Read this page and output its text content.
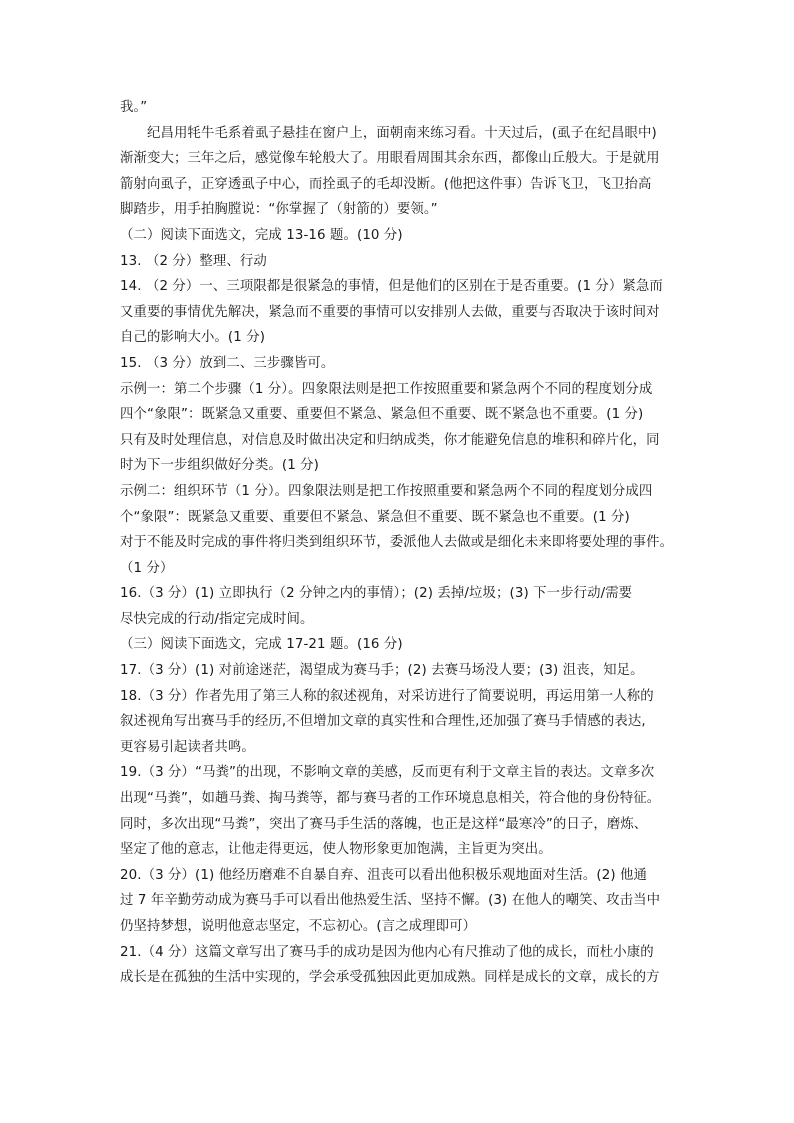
我。”
　　纪昌用牦牛毛系着虱子悬挂在窗户上，面朝南来练习看。十天过后，(虱子在纪昌眼中)
渐渐变大；三年之后，感觉像车轮般大了。用眼看周围其余东西，都像山丘般大。于是就用
箭射向虱子，正穿透虱子中心，而拴虱子的毛却没断。(他把这件事）告诉飞卫，飞卫抬高
脚踏步，用手拍胸膛说：“你掌握了（射箭的）要领。”
（二）阅读下面选文，完成 13-16 题。(10 分)
13. （2 分）整理、行动
14. （2 分）一、三项限都是很紧急的事情，但是他们的区别在于是否重要。(1 分）紧急而
又重要的事情优先解决，紧急而不重要的事情可以安排别人去做，重要与否取决于该时间对
自己的影响大小。(1 分)
15. （3 分）放到二、三步骤皆可。
示例一：第二个步骤（1 分）。四象限法则是把工作按照重要和紧急两个不同的程度划分成
四个“象限”：既紧急又重要、重要但不紧急、紧急但不重要、既不紧急也不重要。(1 分)
只有及时处理信息，对信息及时做出决定和归纳成类，你才能避免信息的堆积和碎片化，同
时为下一步组织做好分类。(1 分)
示例二：组织环节（1 分）。四象限法则是把工作按照重要和紧急两个不同的程度划分成四
个“象限”：既紧急又重要、重要但不紧急、紧急但不重要、既不紧急也不重要。(1 分)
对于不能及时完成的事件将归类到组织环节，委派他人去做或是细化未来即将要处理的事件。
（1 分）
16.（3 分）(1) 立即执行（2 分钟之内的事情）；(2) 丢掉/垃圾；(3) 下一步行动/需要
尽快完成的行动/指定完成时间。
（三）阅读下面选文，完成 17-21 题。(16 分)
17.（3 分）(1) 对前途迷茫，渴望成为赛马手；(2) 去赛马场没人要；(3) 沮丧，知足。
18.（3 分）作者先用了第三人称的叙述视角，对采访进行了简要说明，再运用第一人称的
叙述视角写出赛马手的经历,不但增加文章的真实性和合理性,还加强了赛马手情感的表达,
更容易引起读者共鸣。
19.（3 分）“马粪”的出现，不影响文章的美感，反而更有利于文章主旨的表达。文章多次
出现“马粪”，如趟马粪、掏马粪等，都与赛马者的工作环境息息相关，符合他的身份特征。
同时，多次出现“马粪”，突出了赛马手生活的落魄，也正是这样“最寒冷”的日子，磨炼、
坚定了他的意志，让他走得更远，使人物形象更加饱满，主旨更为突出。
20.（3 分）(1) 他经历磨难不自暴自弃、沮丧可以看出他积极乐观地面对生活。(2) 他通
过 7 年辛勤劳动成为赛马手可以看出他热爱生活、坚持不懈。(3) 在他人的嘲笑、攻击当中
仍坚持梦想，说明他意志坚定，不忘初心。(言之成理即可）
21.（4 分）这篇文章写出了赛马手的成功是因为他内心有尺推动了他的成长，而杜小康的
成长是在孤独的生活中实现的，学会承受孤独因此更加成熟。同样是成长的文章，成长的方
